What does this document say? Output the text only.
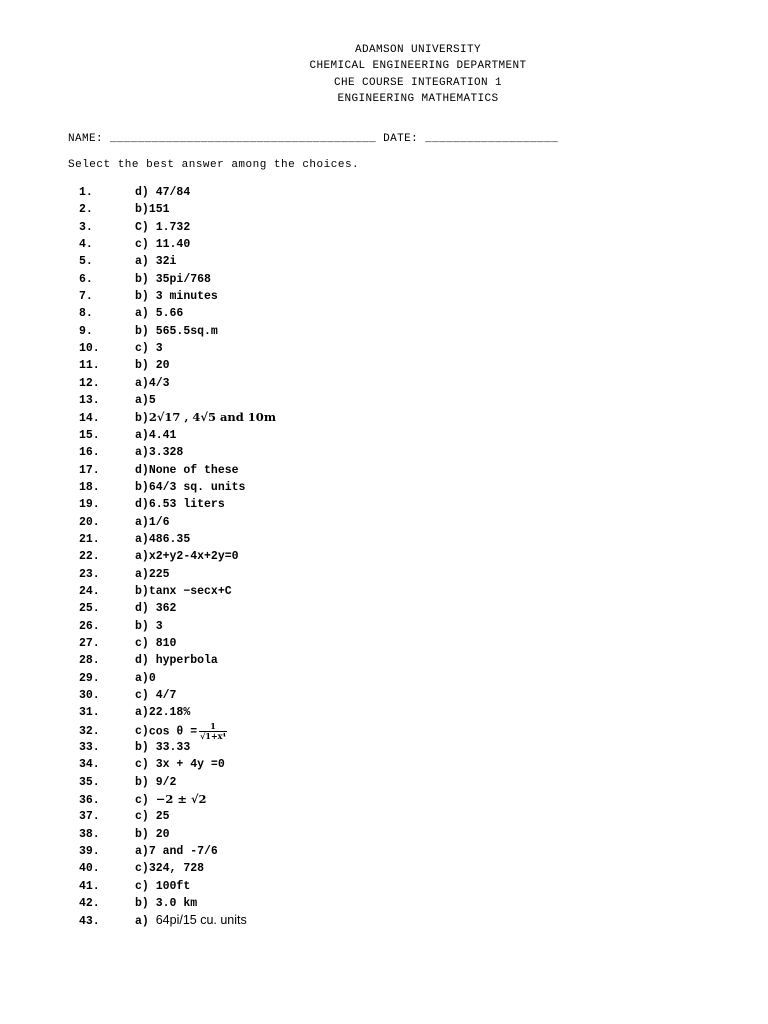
ADAMSON UNIVERSITY
CHEMICAL ENGINEERING DEPARTMENT
CHE COURSE INTEGRATION 1
ENGINEERING MATHEMATICS
NAME: ______________________________________ DATE: ___________________
Select the best answer among the choices.
1.	d) 47/84
2.	b)151
3.	C) 1.732
4.	c) 11.40
5.	a) 32i
6.	b) 35pi/768
7.	b) 3 minutes
8.	a) 5.66
9.	b) 565.5sq.m
10.	c) 3
11.	b) 20
12.	a)4/3
13.	a)5
14.	b)2√17 , 4√5 and 10m
15.	a)4.41
16.	a)3.328
17.	d)None of these
18.	b)64/3 sq. units
19.	d)6.53 liters
20.	a)1/6
21.	a)486.35
22.	a)x2+y2-4x+2y=0
23.	a)225
24.	b)tanx −secx+C
25.	d) 362
26.	b) 3
27.	c) 810
28.	d) hyperbola
29.	a)0
30.	c) 4/7
31.	a)22.18%
32.	c)cos $\theta = \frac{1}{\text{√1+x⁴}}$
33.	b) 33.33
34.	c) 3x + 4y =0
35.	b) 9/2
36.	c) −2 ± √2
37.	c) 25
38.	b) 20
39.	a)7 and -7/6
40.	c)324, 728
41.	c) 100ft
42.	b) 3.0 km
43.	a) 64pi/15 cu. units
